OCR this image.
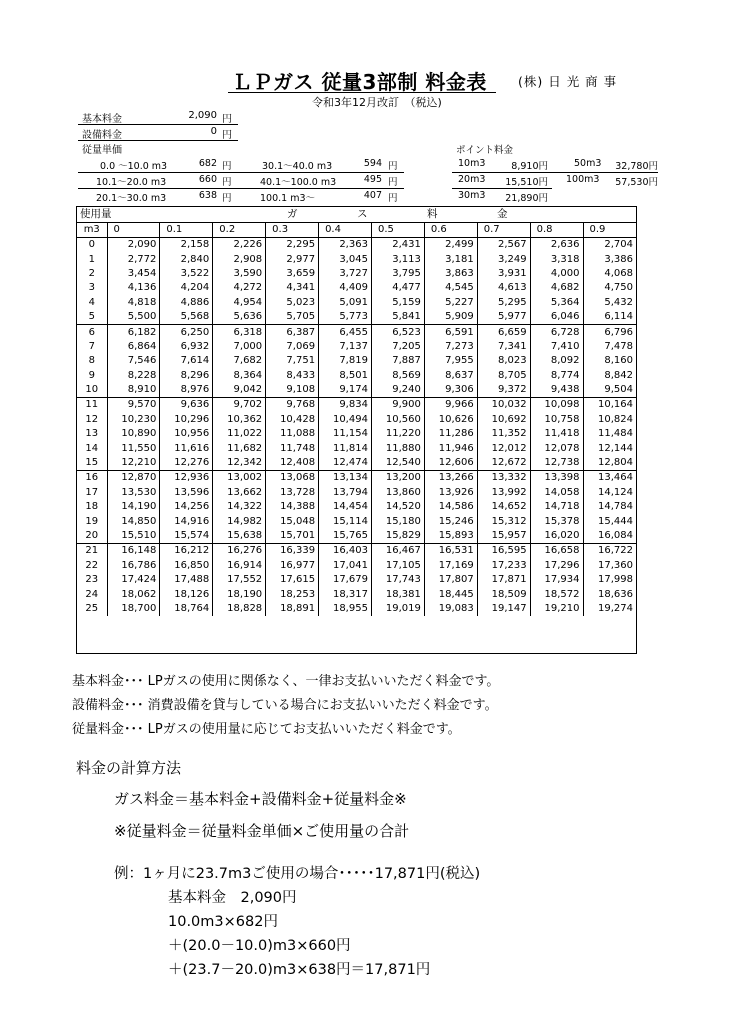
ＬＰガス 従量3部制 料金表 (株) 日 光 商 事
令和3年12月改訂　（税込)
基本料金	2,090 円
設備料金	0 円
従量単価
0.0 ～10.0 m3	682 円
10.1～20.0 m3	660 円
20.1～30.0 m3	638 円
30.1～40.0 m3	594 円
40.1～100.0 m3	495 円
100.1 m3～	407 円
ポイント料金
10m3	8,910円
20m3	15,510円
30m3	21,890円
50m3	32,780円
100m3	57,530円
使用量 ガ ス 料 金										

m3	0	0.1	0.2	0.3	0.4	0.5	0.6	0.7	0.8	0.9
0	2,090	2,158	2,226	2,295	2,363	2,431	2,499	2,567	2,636	2,704
1	2,772	2,840	2,908	2,977	3,045	3,113	3,181	3,249	3,318	3,386
2	3,454	3,522	3,590	3,659	3,727	3,795	3,863	3,931	4,000	4,068
3	4,136	4,204	4,272	4,341	4,409	4,477	4,545	4,613	4,682	4,750
4	4,818	4,886	4,954	5,023	5,091	5,159	5,227	5,295	5,364	5,432
5	5,500	5,568	5,636	5,705	5,773	5,841	5,909	5,977	6,046	6,114
6	6,182	6,250	6,318	6,387	6,455	6,523	6,591	6,659	6,728	6,796
7	6,864	6,932	7,000	7,069	7,137	7,205	7,273	7,341	7,410	7,478
8	7,546	7,614	7,682	7,751	7,819	7,887	7,955	8,023	8,092	8,160
9	8,228	8,296	8,364	8,433	8,501	8,569	8,637	8,705	8,774	8,842
10	8,910	8,976	9,042	9,108	9,174	9,240	9,306	9,372	9,438	9,504
11	9,570	9,636	9,702	9,768	9,834	9,900	9,966	10,032	10,098	10,164
12	10,230	10,296	10,362	10,428	10,494	10,560	10,626	10,692	10,758	10,824
13	10,890	10,956	11,022	11,088	11,154	11,220	11,286	11,352	11,418	11,484
14	11,550	11,616	11,682	11,748	11,814	11,880	11,946	12,012	12,078	12,144
15	12,210	12,276	12,342	12,408	12,474	12,540	12,606	12,672	12,738	12,804
16	12,870	12,936	13,002	13,068	13,134	13,200	13,266	13,332	13,398	13,464
17	13,530	13,596	13,662	13,728	13,794	13,860	13,926	13,992	14,058	14,124
18	14,190	14,256	14,322	14,388	14,454	14,520	14,586	14,652	14,718	14,784
19	14,850	14,916	14,982	15,048	15,114	15,180	15,246	15,312	15,378	15,444
20	15,510	15,574	15,638	15,701	15,765	15,829	15,893	15,957	16,020	16,084
21	16,148	16,212	16,276	16,339	16,403	16,467	16,531	16,595	16,658	16,722
22	16,786	16,850	16,914	16,977	17,041	17,105	17,169	17,233	17,296	17,360
23	17,424	17,488	17,552	17,615	17,679	17,743	17,807	17,871	17,934	17,998
24	18,062	18,126	18,190	18,253	18,317	18,381	18,445	18,509	18,572	18,636
25	18,700	18,764	18,828	18,891	18,955	19,019	19,083	19,147	19,210	19,274
基本料金･･･ LPガスの使用に関係なく、一律お支払いいただく料金です。
設備料金･･･ 消費設備を貸与している場合にお支払いいただく料金です。
従量料金･･･ LPガスの使用量に応じてお支払いいただく料金です。
料金の計算方法
ガス料金＝基本料金+設備料金+従量料金※
※従量料金＝従量料金単価×ご使用量の合計
例：1ヶ月に23.7m3ご使用の場合･････17,871円(税込)
基本料金　2,090円
10.0m3×682円
＋(20.0－10.0)m3×660円
＋(23.7－20.0)m3×638円＝17,871円
